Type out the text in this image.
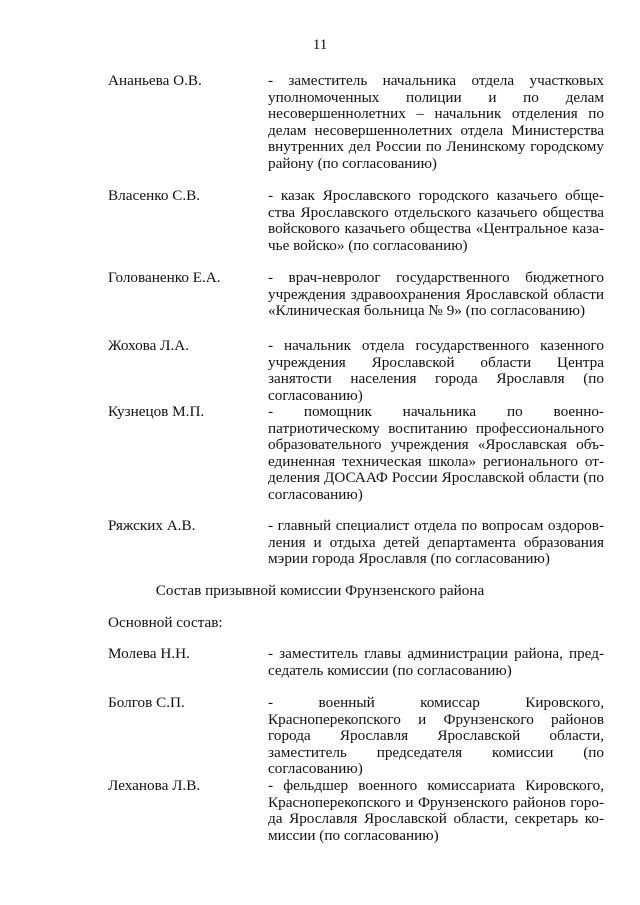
11
Ананьева О.В.	- заместитель начальника отдела участковых уполномоченных полиции и по делам несовершеннолетних – начальник отделения по делам несовершеннолетних отдела Министерства внутренних дел России по Ленинскому городскому району (по согласованию)
Власенко С.В.	- казак Ярославского городского казачьего общества Ярославского отдельского казачьего общества войскового казачьего общества «Центральное казачье войско» (по согласованию)
Голованенко Е.А.	- врач-невролог государственного бюджетного учреждения здравоохранения Ярославской области «Клиническая больница № 9» (по согласованию)
Жохова Л.А.	- начальник отдела государственного казенного учреждения Ярославской области Центра занятости населения города Ярославля (по согласованию)
Кузнецов М.П.	- помощник начальника по военно-патриотическому воспитанию профессионального образовательного учреждения «Ярославская объединенная техническая школа» регионального отделения ДОСААФ России Ярославской области (по согласованию)
Ряжских А.В.	- главный специалист отдела по вопросам оздоровления и отдыха детей департамента образования мэрии города Ярославля (по согласованию)
Состав призывной комиссии Фрунзенского района
Основной состав:
Молева Н.Н.	- заместитель главы администрации района, председатель комиссии (по согласованию)
Болгов С.П.	- военный комиссар Кировского, Красноперекопского и Фрунзенского районов города Ярославля Ярославской области, заместитель председателя комиссии (по согласованию)
Леханова Л.В.	- фельдшер военного комиссариата Кировского, Красноперекопского и Фрунзенского районов города Ярославля Ярославской области, секретарь комиссии (по согласованию)
